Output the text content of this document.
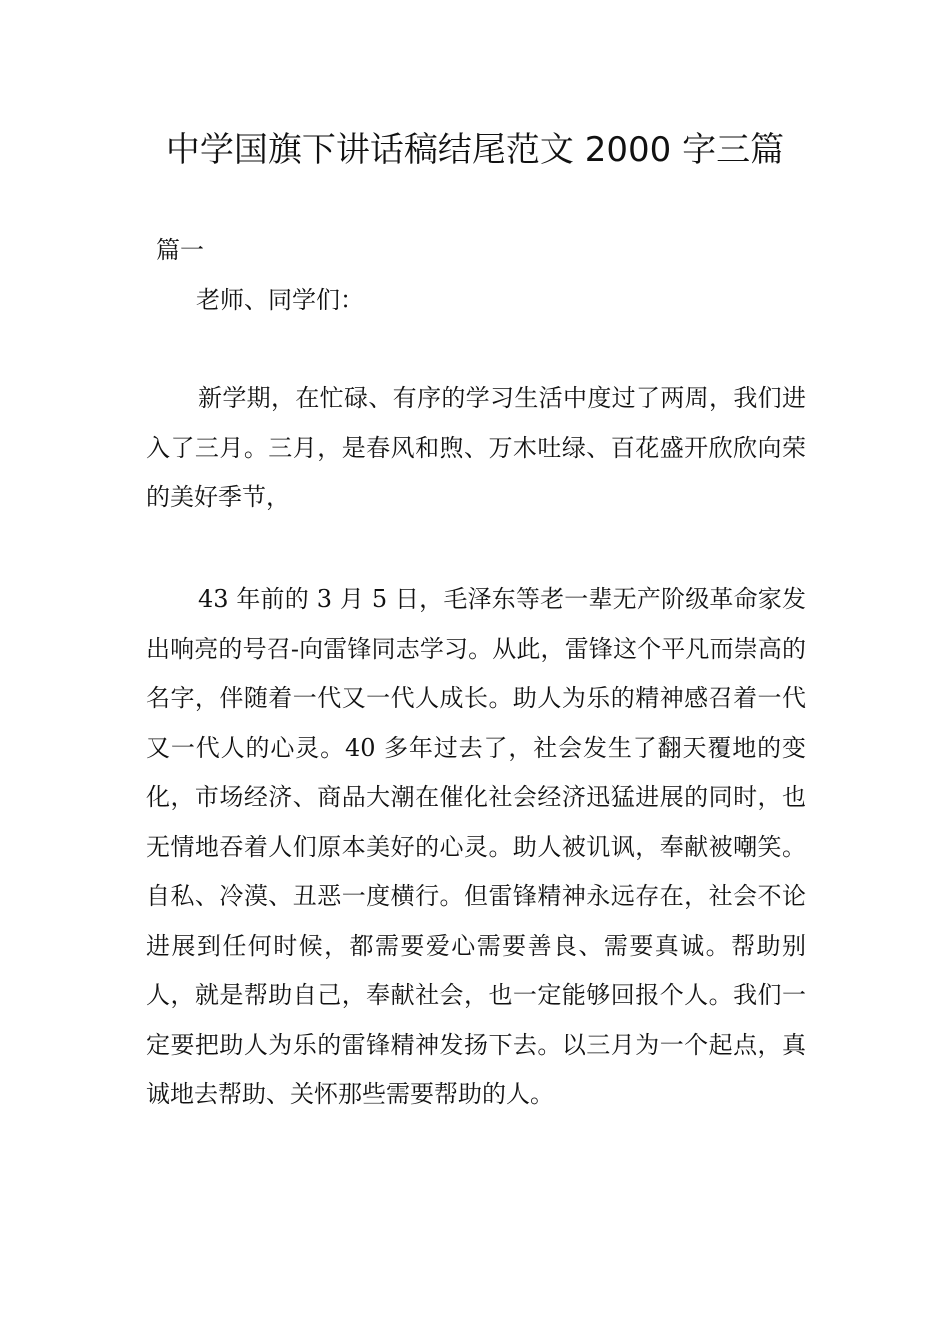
中学国旗下讲话稿结尾范文 2000 字三篇

篇一

老师、同学们：

新学期，在忙碌、有序的学习生活中度过了两周，我们进入了三月。三月，是春风和煦、万木吐绿、百花盛开欣欣向荣的美好季节，

43 年前的 3 月 5 日，毛泽东等老一辈无产阶级革命家发出响亮的号召-向雷锋同志学习。从此，雷锋这个平凡而崇高的名字，伴随着一代又一代人成长。助人为乐的精神感召着一代又一代人的心灵。40 多年过去了，社会发生了翻天覆地的变化，市场经济、商品大潮在催化社会经济迅猛进展的同时，也无情地吞着人们原本美好的心灵。助人被讥讽，奉献被嘲笑。自私、冷漠、丑恶一度横行。但雷锋精神永远存在，社会不论进展到任何时候，都需要爱心需要善良、需要真诚。帮助别人，就是帮助自己，奉献社会，也一定能够回报个人。我们一定要把助人为乐的雷锋精神发扬下去。以三月为一个起点，真诚地去帮助、关怀那些需要帮助的人。
